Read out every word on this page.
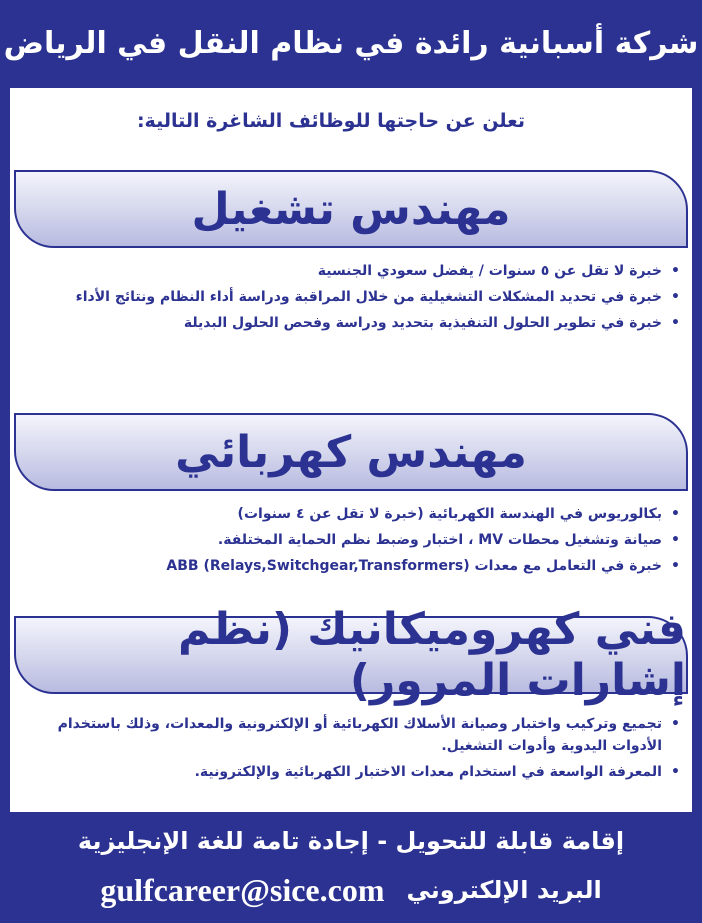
شركة أسبانية رائدة في نظام النقل في الرياض
تعلن عن حاجتها للوظائف الشاغرة التالية:
مهندس تشغيل
•
خبرة لا تقل عن ٥ سنوات / يفضل سعودي الجنسية
•
خبرة في تحديد المشكلات التشغيلية من خلال المراقبة ودراسة أداء النظام ونتائج الأداء
•
خبرة في تطوير الحلول التنفيذية بتحديد ودراسة وفحص الحلول البديلة
مهندس كهربائي
•
بكالوريوس في الهندسة الكهربائية (خبرة لا تقل عن ٤ سنوات)
•
صيانة وتشغيل محطات MV ، اختبار وضبط نظم الحماية المختلفة.
•
خبرة في التعامل مع معدات ABB (Relays,Switchgear,Transformers)
فني كهروميكانيك (نظم إشارات المرور)
•
تجميع وتركيب واختبار وصيانة الأسلاك الكهربائية أو الإلكترونية والمعدات، وذلك باستخدام الأدوات اليدوية وأدوات التشغيل.
•
المعرفة الواسعة في استخدام معدات الاختبار الكهربائية والإلكترونية.
إقامة قابلة للتحويل - إجادة تامة للغة الإنجليزية
البريد الإلكتروني
gulfcareer@sice.com
